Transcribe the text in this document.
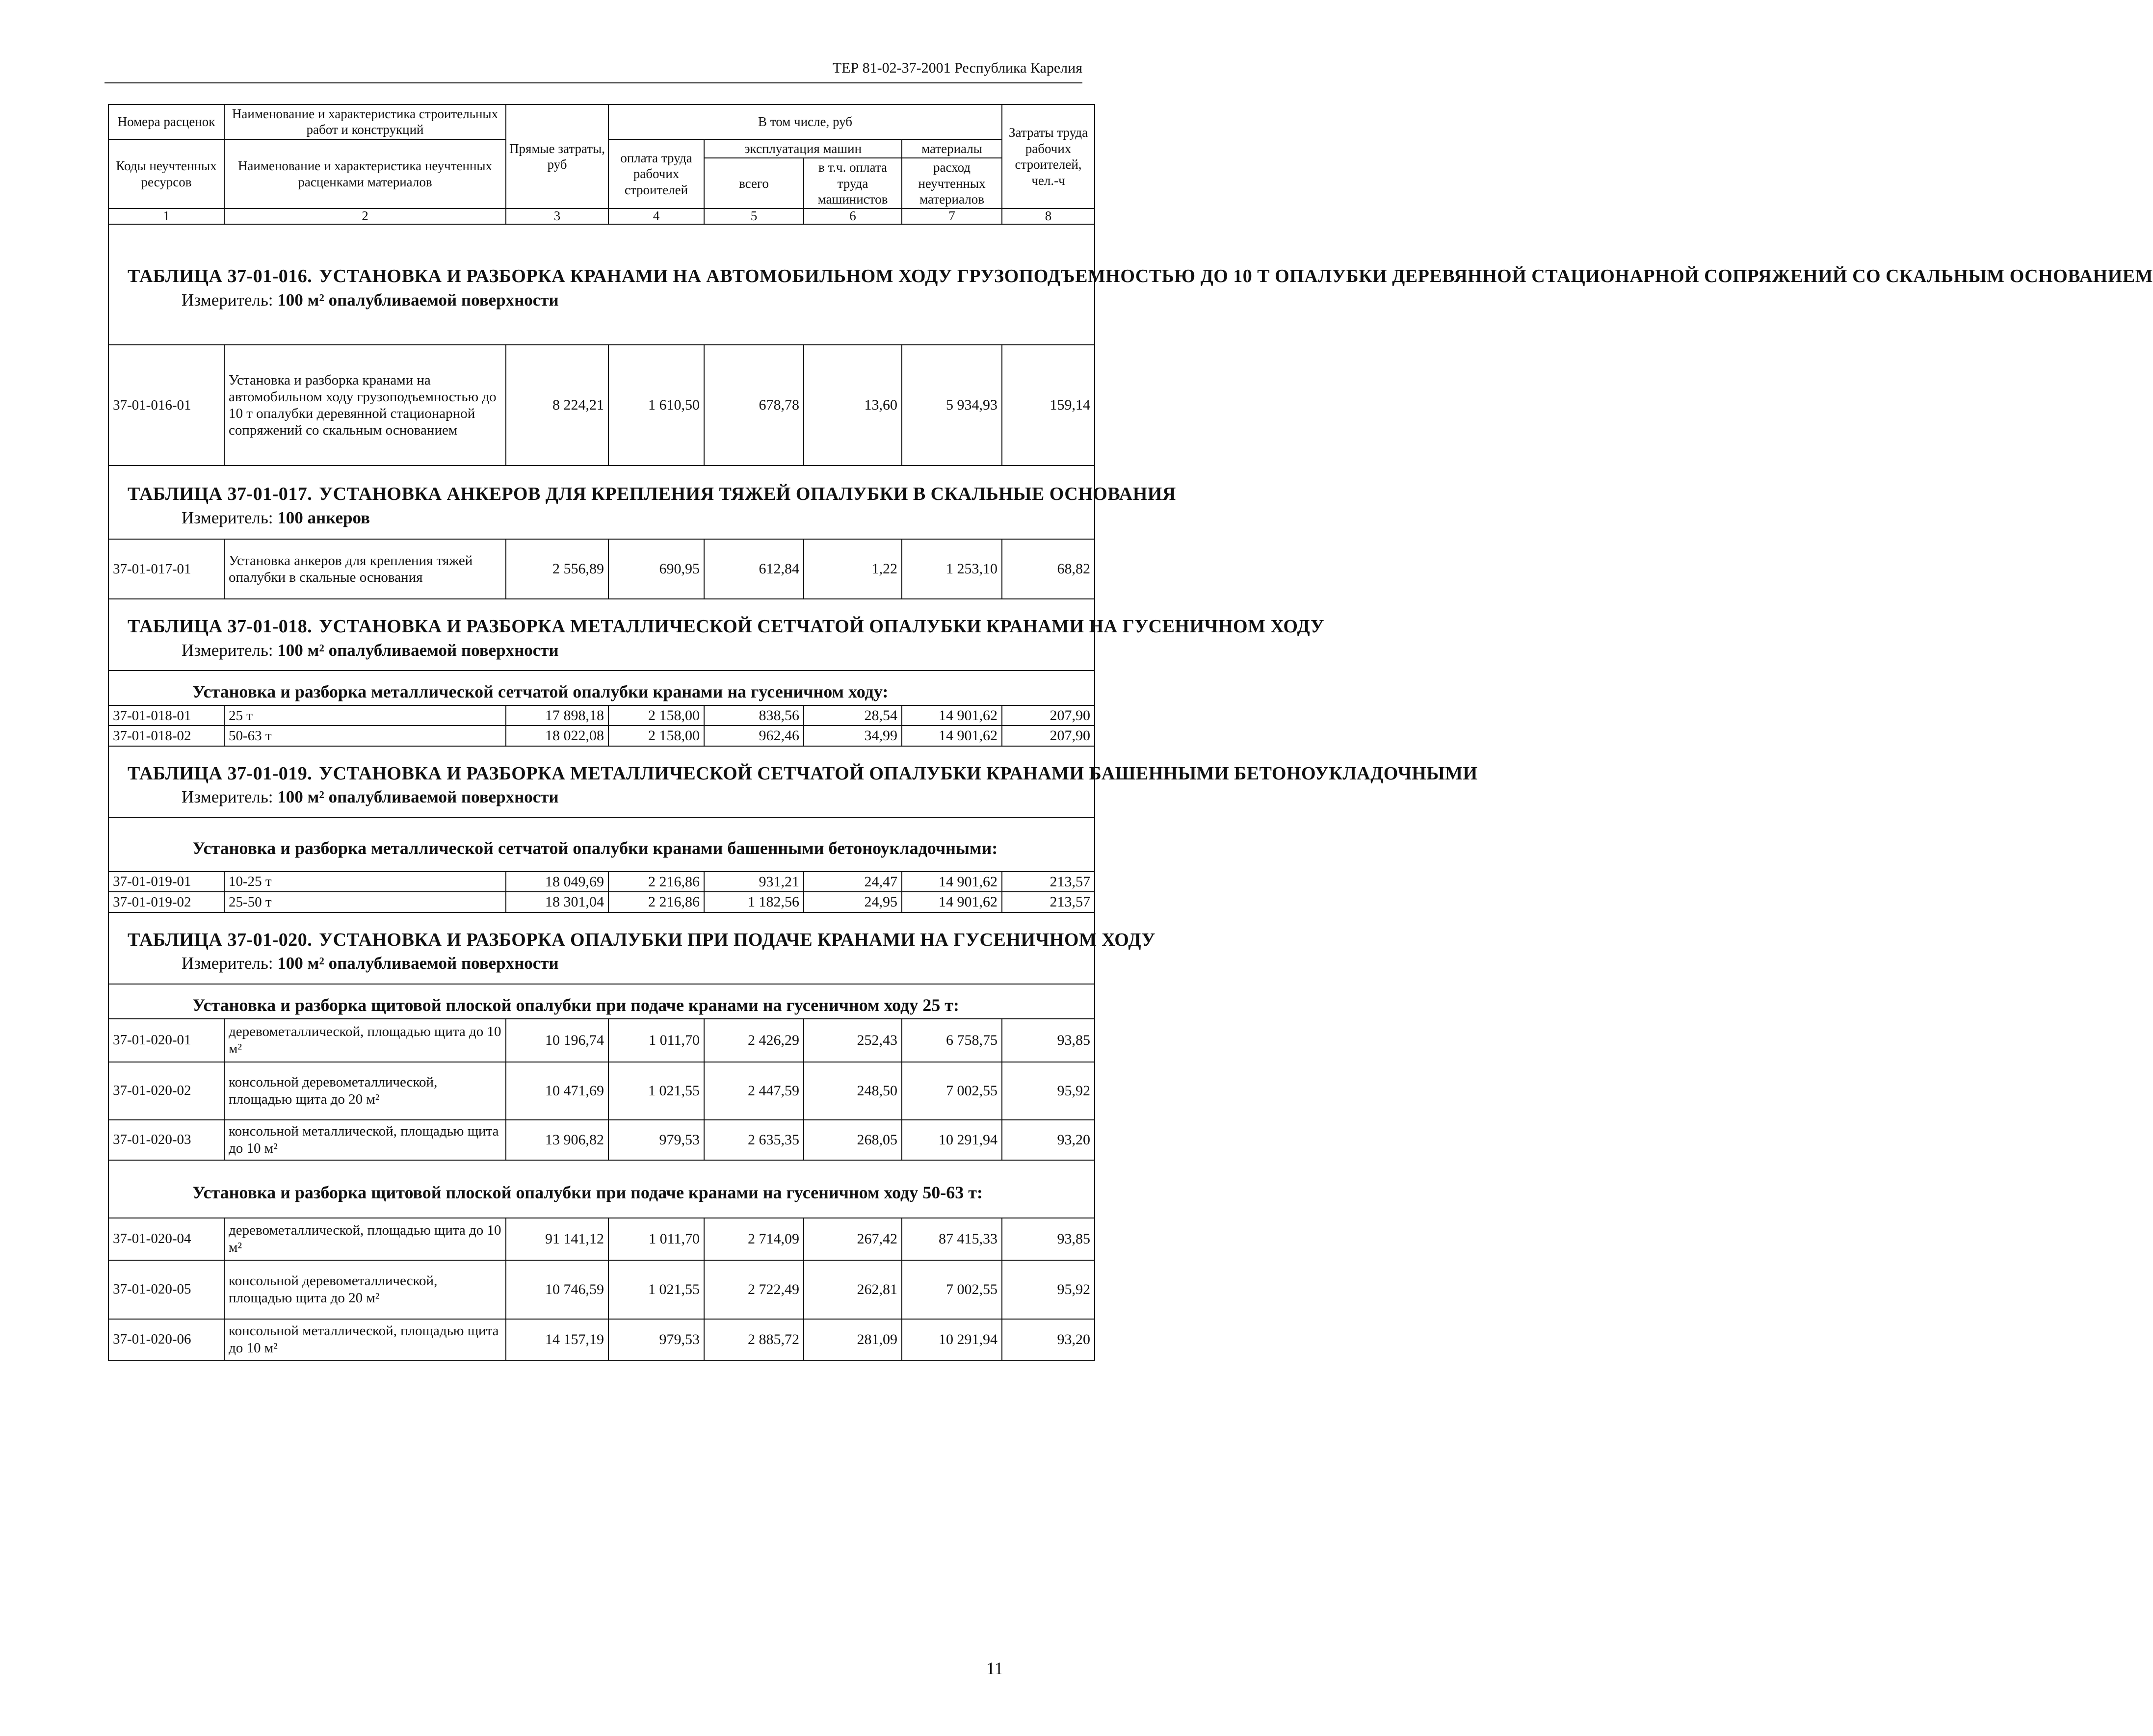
ТЕР 81-02-37-2001 Республика Карелия
Номера расценок	Наименование и характеристика строительных работ и конструкций	Прямые затраты, руб	В том числе, руб				Затраты труда рабочих строителей, чел.-ч
Коды неучтенных ресурсов	Наименование и характеристика неучтенных расценками материалов		оплата труда рабочих строителей	эксплуатация машин		материалы	
				всего	в т.ч. оплата труда машинистов	расход неучтенных материалов	
1	2	3	4	5	6	7	8

ТАБЛИЦА 37-01-016. УСТАНОВКА И РАЗБОРКА КРАНАМИ НА АВТОМОБИЛЬНОМ ХОДУ ГРУЗОПОДЪЕМНОСТЬЮ ДО 10 Т ОПАЛУБКИ ДЕРЕВЯННОЙ СТАЦИОНАРНОЙ СОПРЯЖЕНИЙ СО СКАЛЬНЫМ ОСНОВАНИЕМ
Измеритель: 100 м² опалубливаемой поверхности							

37-01-016-01	Установка и разборка кранами на автомобильном ходу грузоподъемностью до 10 т опалубки деревянной стационарной сопряжений со скальным основанием	8 224,21	1 610,50	678,78	13,60	5 934,93	159,14

ТАБЛИЦА 37-01-017. УСТАНОВКА АНКЕРОВ ДЛЯ КРЕПЛЕНИЯ ТЯЖЕЙ ОПАЛУБКИ В СКАЛЬНЫЕ ОСНОВАНИЯ
Измеритель: 100 анкеров							

37-01-017-01	Установка анкеров для крепления тяжей опалубки в скальные основания	2 556,89	690,95	612,84	1,22	1 253,10	68,82

ТАБЛИЦА 37-01-018. УСТАНОВКА И РАЗБОРКА МЕТАЛЛИЧЕСКОЙ СЕТЧАТОЙ ОПАЛУБКИ КРАНАМИ НА ГУСЕНИЧНОМ ХОДУ
Измеритель: 100 м² опалубливаемой поверхности							

Установка и разборка металлической сетчатой опалубки кранами на гусеничном ходу:							
37-01-018-01	25 т	17 898,18	2 158,00	838,56	28,54	14 901,62	207,90
37-01-018-02	50-63 т	18 022,08	2 158,00	962,46	34,99	14 901,62	207,90

ТАБЛИЦА 37-01-019. УСТАНОВКА И РАЗБОРКА МЕТАЛЛИЧЕСКОЙ СЕТЧАТОЙ ОПАЛУБКИ КРАНАМИ БАШЕННЫМИ БЕТОНОУКЛАДОЧНЫМИ
Измеритель: 100 м² опалубливаемой поверхности							

Установка и разборка металлической сетчатой опалубки кранами башенными бетоноукладочными:							
37-01-019-01	10-25 т	18 049,69	2 216,86	931,21	24,47	14 901,62	213,57
37-01-019-02	25-50 т	18 301,04	2 216,86	1 182,56	24,95	14 901,62	213,57

ТАБЛИЦА 37-01-020. УСТАНОВКА И РАЗБОРКА ОПАЛУБКИ ПРИ ПОДАЧЕ КРАНАМИ НА ГУСЕНИЧНОМ ХОДУ
Измеритель: 100 м² опалубливаемой поверхности							

Установка и разборка щитовой плоской опалубки при подаче кранами на гусеничном ходу 25 т:							
37-01-020-01	деревометаллической, площадью щита до 10 м²	10 196,74	1 011,70	2 426,29	252,43	6 758,75	93,85
37-01-020-02	консольной деревометаллической, площадью щита до 20 м²	10 471,69	1 021,55	2 447,59	248,50	7 002,55	95,92
37-01-020-03	консольной металлической, площадью щита до 10 м²	13 906,82	979,53	2 635,35	268,05	10 291,94	93,20
Установка и разборка щитовой плоской опалубки при подаче кранами на гусеничном ходу 50-63 т:							
37-01-020-04	деревометаллической, площадью щита до 10 м²	91 141,12	1 011,70	2 714,09	267,42	87 415,33	93,85
37-01-020-05	консольной деревометаллической, площадью щита до 20 м²	10 746,59	1 021,55	2 722,49	262,81	7 002,55	95,92
37-01-020-06	консольной металлической, площадью щита до 10 м²	14 157,19	979,53	2 885,72	281,09	10 291,94	93,20
11
